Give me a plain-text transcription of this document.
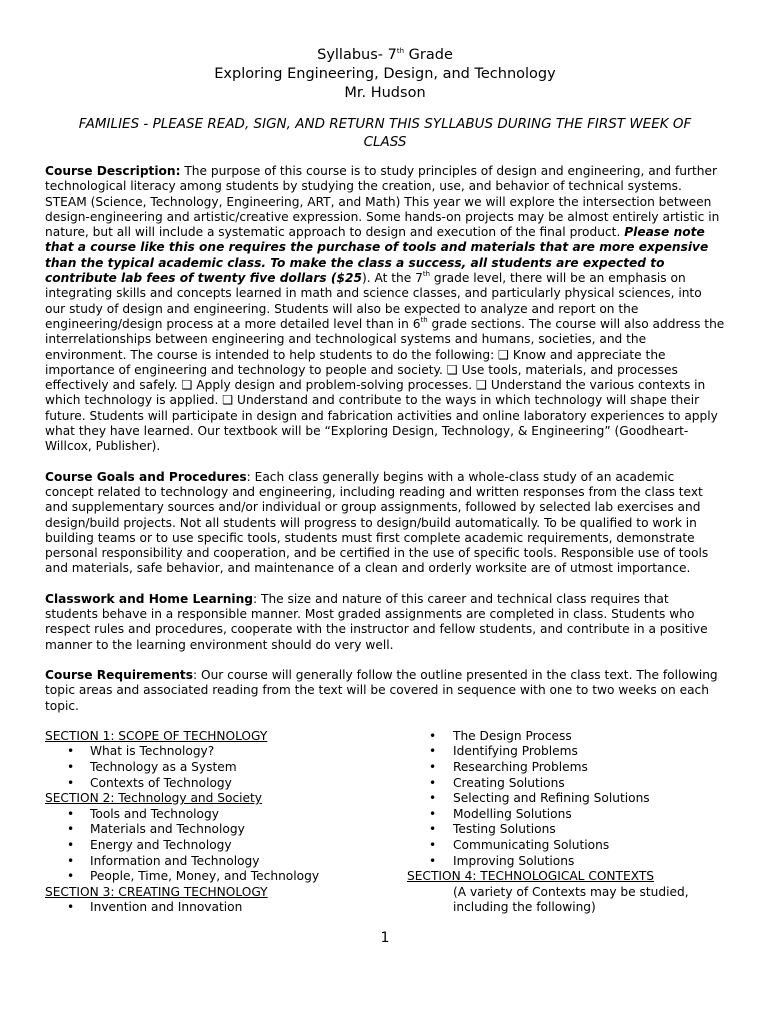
Syllabus- 7th Grade
Exploring Engineering, Design, and Technology
Mr. Hudson
FAMILIES - PLEASE READ, SIGN, AND RETURN THIS SYLLABUS DURING THE FIRST WEEK OF
CLASS

Course Description: The purpose of this course is to study principles of design and engineering, and further technological literacy among students by studying the creation, use, and behavior of technical systems. STEAM (Science, Technology, Engineering, ART, and Math) This year we will explore the intersection between design-engineering and artistic/creative expression. Some hands-on projects may be almost entirely artistic in nature, but all will include a systematic approach to design and execution of the final product. Please note that a course like this one requires the purchase of tools and materials that are more expensive than the typical academic class. To make the class a success, all students are expected to contribute lab fees of twenty five dollars ($25). At the 7th grade level, there will be an emphasis on integrating skills and concepts learned in math and science classes, and particularly physical sciences, into our study of design and engineering. Students will also be expected to analyze and report on the engineering/design process at a more detailed level than in 6th grade sections. The course will also address the interrelationships between engineering and technological systems and humans, societies, and the environment. The course is intended to help students to do the following: ❑ Know and appreciate the importance of engineering and technology to people and society. ❑ Use tools, materials, and processes effectively and safely. ❑ Apply design and problem-solving processes. ❑ Understand the various contexts in which technology is applied. ❑ Understand and contribute to the ways in which technology will shape their future. Students will participate in design and fabrication activities and online laboratory experiences to apply what they have learned. Our textbook will be “Exploring Design, Technology, & Engineering” (Goodheart-Willcox, Publisher).

Course Goals and Procedures: Each class generally begins with a whole-class study of an academic concept related to technology and engineering, including reading and written responses from the class text and supplementary sources and/or individual or group assignments, followed by selected lab exercises and design/build projects. Not all students will progress to design/build automatically. To be qualified to work in building teams or to use specific tools, students must first complete academic requirements, demonstrate personal responsibility and cooperation, and be certified in the use of specific tools. Responsible use of tools and materials, safe behavior, and maintenance of a clean and orderly worksite are of utmost importance.

Classwork and Home Learning: The size and nature of this career and technical class requires that students behave in a responsible manner. Most graded assignments are completed in class. Students who respect rules and procedures, cooperate with the instructor and fellow students, and contribute in a positive manner to the learning environment should do very well.

Course Requirements: Our course will generally follow the outline presented in the class text. The following topic areas and associated reading from the text will be covered in sequence with one to two weeks on each topic.

SECTION 1: SCOPE OF TECHNOLOGY
• What is Technology?
• Technology as a System
• Contexts of Technology
SECTION 2: Technology and Society
• Tools and Technology
• Materials and Technology
• Energy and Technology
• Information and Technology
• People, Time, Money, and Technology
SECTION 3: CREATING TECHNOLOGY
• Invention and Innovation
• The Design Process
• Identifying Problems
• Researching Problems
• Creating Solutions
• Selecting and Refining Solutions
• Modelling Solutions
• Testing Solutions
• Communicating Solutions
• Improving Solutions
SECTION 4: TECHNOLOGICAL CONTEXTS
(A variety of Contexts may be studied,
including the following)
1
